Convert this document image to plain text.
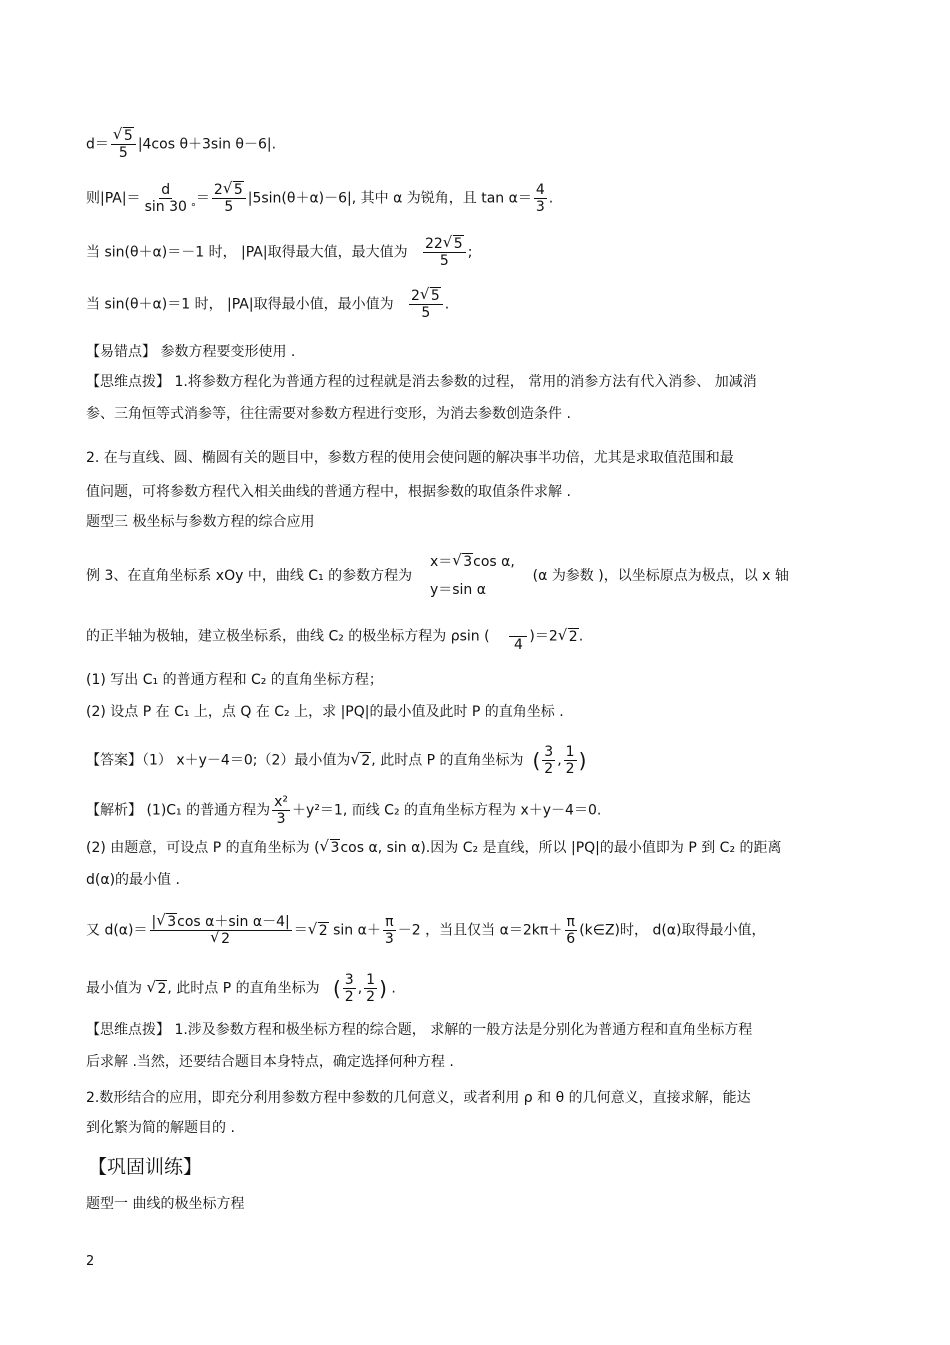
d＝ √ $\frac{5}{5} |4\cos$ θ＋3sin θ－6|.
则$|PA|= \frac{d}{\sin 30} ^\circ= \frac{2 √ 5}{5} |5\sin(\theta+\alpha)-6|$, 其中 α 为锐角，且 $\tan \alpha= \frac{4}{3}$ .
当 sin(θ＋α)＝－1 时， |PA|取得最大值，最大值为 $\frac{22 √ 5}{5}$ ;
当 sin(θ＋α)＝1 时， |PA|取得最小值，最小值为 $\frac{2 √ 5}{5}$ .
【易错点】 参数方程要变形使用 .
【思维点拨】 1.将参数方程化为普通方程的过程就是消去参数的过程， 常用的消参方法有代入消参、 加减消
参、三角恒等式消参等，往往需要对参数方程进行变形，为消去参数创造条件 .
2. 在与直线、圆、椭圆有关的题目中，参数方程的使用会使问题的解决事半功倍，尤其是求取值范围和最
值问题，可将参数方程代入相关曲线的普通方程中，根据参数的取值条件求解 .
题型三 极坐标与参数方程的综合应用
例 3、在直角坐标系 xOy 中，曲线 C₁ 的参数方程为
x＝ √ 3cos α,
y＝sin α
(α 为参数 )，以坐标原点为极点，以 x 轴
的正半轴为极轴，建立极坐标系，曲线 C₂ 的极坐标方程为 ρsin (

4
)＝2 √ 2.
(1) 写出 C₁ 的普通方程和 C₂ 的直角坐标方程；
(2) 设点 P 在 C₁ 上，点 Q 在 C₂ 上，求 |PQ|的最小值及此时 P 的直角坐标 .
【答案】（1） x＋y－4＝0;（2）最小值为 √ 2, 此时点 P 的直角坐标为 ( $\frac{3}{2}$ , $\frac{1}{2}$ )
【解析】 (1)C₁ 的普通方程为 $\frac{\text{x²}}{3} +y^2=1$, 而线 C₂ 的直角坐标方程为 x＋y－4＝0.
(2) 由题意，可设点 P 的直角坐标为 ( √ 3cos α, sin α).因为 C₂ 是直线，所以 |PQ|的最小值即为 P 到 C₂ 的距离
d(α)的最小值 .
又 d(α)＝ | √ 3cos α＋sin α－4|
√ 2 ＝ √ 2 $\sin \alpha+ \frac{\pi}{3} -2$ ，当且仅当 $\alpha=2k\pi+ \frac{\pi}{6}$ (k∈Z)时， d(α)取得最小值，
最小值为 √ 2, 此时点 P 的直角坐标为 ( $\frac{3}{2}$ , $\frac{1}{2}$ ) .
【思维点拨】 1.涉及参数方程和极坐标方程的综合题， 求解的一般方法是分别化为普通方程和直角坐标方程
后求解 .当然，还要结合题目本身特点，确定选择何种方程 .
2.数形结合的应用，即充分利用参数方程中参数的几何意义，或者利用 ρ 和 θ 的几何意义，直接求解，能达
到化繁为简的解题目的 .
【巩固训练】
题型一 曲线的极坐标方程
2
